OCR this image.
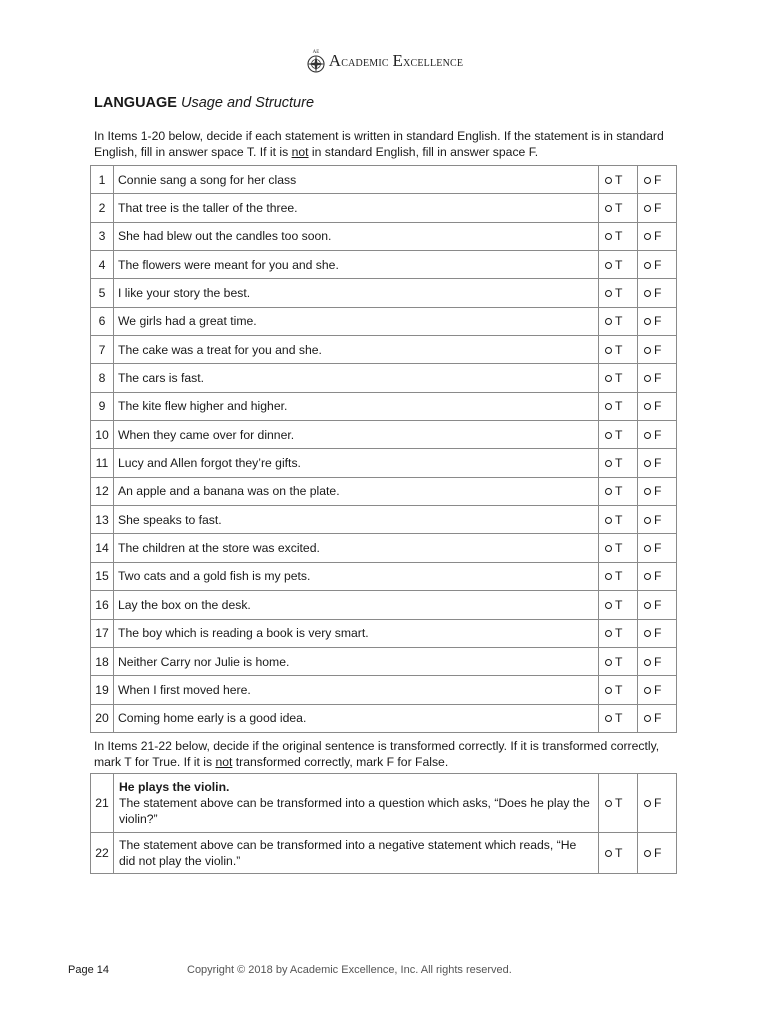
AE Academic Excellence
LANGUAGE Usage and Structure
In Items 1-20 below, decide if each statement is written in standard English. If the statement is in standard English, fill in answer space T. If it is not in standard English, fill in answer space F.
1	Connie sang a song for her class	T	F
2	That tree is the taller of the three.	T	F
3	She had blew out the candles too soon.	T	F
4	The flowers were meant for you and she.	T	F
5	I like your story the best.	T	F
6	We girls had a great time.	T	F
7	The cake was a treat for you and she.	T	F
8	The cars is fast.	T	F
9	The kite flew higher and higher.	T	F
10	When they came over for dinner.	T	F
11	Lucy and Allen forgot they’re gifts.	T	F
12	An apple and a banana was on the plate.	T	F
13	She speaks to fast.	T	F
14	The children at the store was excited.	T	F
15	Two cats and a gold fish is my pets.	T	F
16	Lay the box on the desk.	T	F
17	The boy which is reading a book is very smart.	T	F
18	Neither Carry nor Julie is home.	T	F
19	When I first moved here.	T	F
20	Coming home early is a good idea.	T	F
In Items 21-22 below, decide if the original sentence is transformed correctly. If it is transformed correctly, mark T for True. If it is not transformed correctly, mark F for False.
21	He plays the violin.
The statement above can be transformed into a question which asks, “Does he play the violin?”	T	F
22	The statement above can be transformed into a negative statement which reads, “He did not play the violin.”	T	F
Page 14	Copyright © 2018 by Academic Excellence, Inc. All rights reserved.
